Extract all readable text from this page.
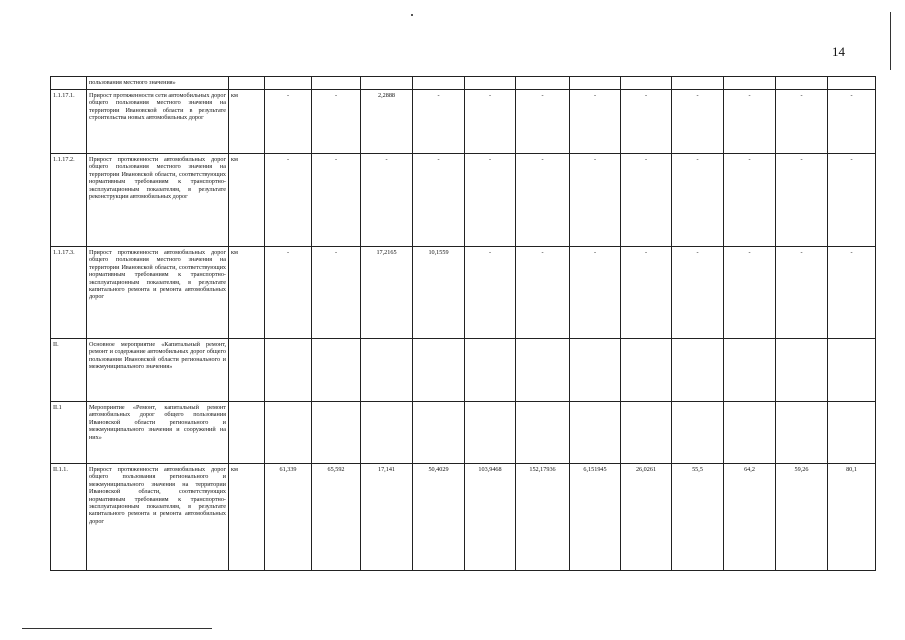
14
	пользования местного значения»													
1.1.17.1.	Прирост протяженности сети автомобильных дорог общего пользования местного значения на территории Ивановской области в результате строительства новых автомобильных дорог	км	-	-	2,2888	-	-	-	-	-	-	-	-	-
1.1.17.2.	Прирост протяженности автомобильных дорог общего пользования местного значения на территории Ивановской области, соответствующих нормативным требованиям к транспортно-эксплуатационным показателям, в результате реконструкции автомобильных дорог	км	-	-	-	-	-	-	-	-	-	-	-	-
1.1.17.3.	Прирост протяженности автомобильных дорог общего пользования местного значения на территории Ивановской области, соответствующих нормативным требованиям к транспортно-эксплуатационным показателям, в результате капитального ремонта и ремонта автомобильных дорог	км	-	-	17,2165	10,1559	-	-	-	-	-	-	-	-
II.	Основное мероприятие «Капитальный ремонт, ремонт и содержание автомобильных дорог общего пользования Ивановской области регионального и межмуниципального значения»													
II.1	Мероприятие «Ремонт, капитальный ремонт автомобильных дорог общего пользования Ивановской области регионального и межмуниципального значения и сооружений на них»													
II.1.1.	Прирост протяженности автомобильных дорог общего пользования регионального и межмуниципального значения на территории Ивановской области, соответствующих нормативным требованиям к транспортно-эксплуатационным показателям, в результате капитального ремонта и ремонта автомобильных дорог	км	61,339	65,592	17,141	50,4029	103,9468	152,17936	6,151945	26,0261	55,5	64,2	59,26	80,1
